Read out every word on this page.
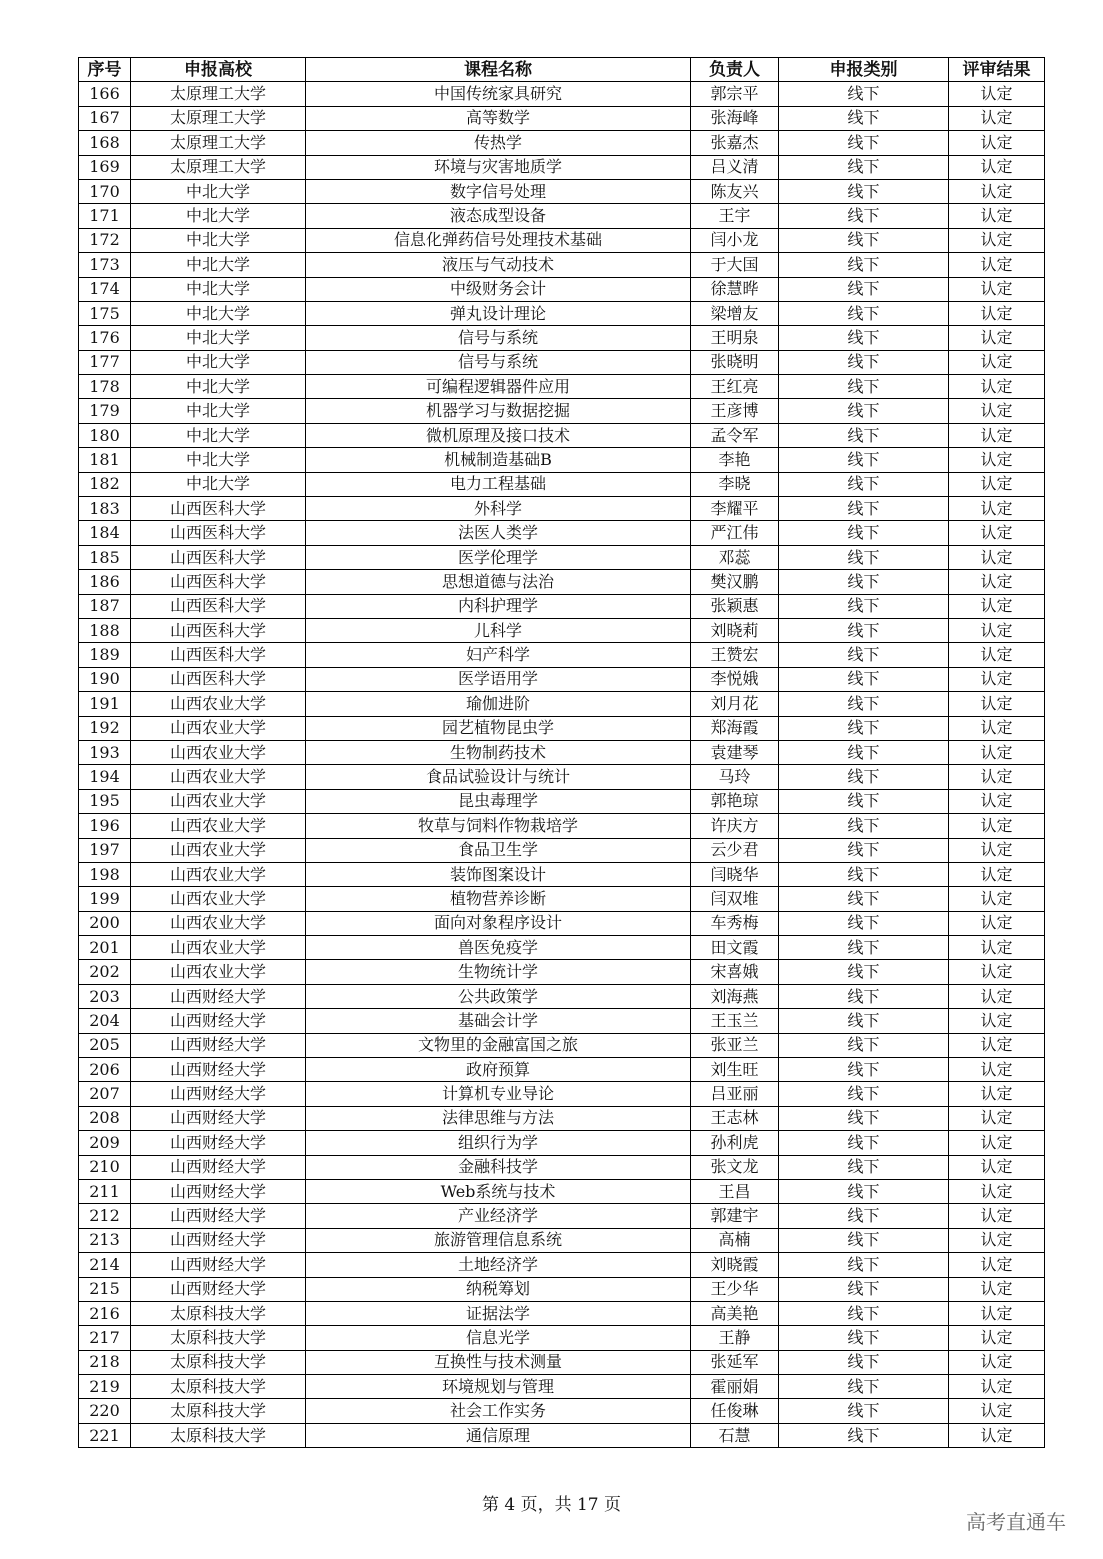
序号	申报高校	课程名称	负责人	申报类别	评审结果
166	太原理工大学	中国传统家具研究	郭宗平	线下	认定
167	太原理工大学	高等数学	张海峰	线下	认定
168	太原理工大学	传热学	张嘉杰	线下	认定
169	太原理工大学	环境与灾害地质学	吕义清	线下	认定
170	中北大学	数字信号处理	陈友兴	线下	认定
171	中北大学	液态成型设备	王宇	线下	认定
172	中北大学	信息化弹药信号处理技术基础	闫小龙	线下	认定
173	中北大学	液压与气动技术	于大国	线下	认定
174	中北大学	中级财务会计	徐慧晔	线下	认定
175	中北大学	弹丸设计理论	梁增友	线下	认定
176	中北大学	信号与系统	王明泉	线下	认定
177	中北大学	信号与系统	张晓明	线下	认定
178	中北大学	可编程逻辑器件应用	王红亮	线下	认定
179	中北大学	机器学习与数据挖掘	王彦博	线下	认定
180	中北大学	微机原理及接口技术	孟令军	线下	认定
181	中北大学	机械制造基础B	李艳	线下	认定
182	中北大学	电力工程基础	李晓	线下	认定
183	山西医科大学	外科学	李耀平	线下	认定
184	山西医科大学	法医人类学	严江伟	线下	认定
185	山西医科大学	医学伦理学	邓蕊	线下	认定
186	山西医科大学	思想道德与法治	樊汉鹏	线下	认定
187	山西医科大学	内科护理学	张颖惠	线下	认定
188	山西医科大学	儿科学	刘晓莉	线下	认定
189	山西医科大学	妇产科学	王赞宏	线下	认定
190	山西医科大学	医学语用学	李悦娥	线下	认定
191	山西农业大学	瑜伽进阶	刘月花	线下	认定
192	山西农业大学	园艺植物昆虫学	郑海霞	线下	认定
193	山西农业大学	生物制药技术	袁建琴	线下	认定
194	山西农业大学	食品试验设计与统计	马玲	线下	认定
195	山西农业大学	昆虫毒理学	郭艳琼	线下	认定
196	山西农业大学	牧草与饲料作物栽培学	许庆方	线下	认定
197	山西农业大学	食品卫生学	云少君	线下	认定
198	山西农业大学	装饰图案设计	闫晓华	线下	认定
199	山西农业大学	植物营养诊断	闫双堆	线下	认定
200	山西农业大学	面向对象程序设计	车秀梅	线下	认定
201	山西农业大学	兽医免疫学	田文霞	线下	认定
202	山西农业大学	生物统计学	宋喜娥	线下	认定
203	山西财经大学	公共政策学	刘海燕	线下	认定
204	山西财经大学	基础会计学	王玉兰	线下	认定
205	山西财经大学	文物里的金融富国之旅	张亚兰	线下	认定
206	山西财经大学	政府预算	刘生旺	线下	认定
207	山西财经大学	计算机专业导论	吕亚丽	线下	认定
208	山西财经大学	法律思维与方法	王志林	线下	认定
209	山西财经大学	组织行为学	孙利虎	线下	认定
210	山西财经大学	金融科技学	张文龙	线下	认定
211	山西财经大学	Web系统与技术	王昌	线下	认定
212	山西财经大学	产业经济学	郭建宇	线下	认定
213	山西财经大学	旅游管理信息系统	高楠	线下	认定
214	山西财经大学	土地经济学	刘晓霞	线下	认定
215	山西财经大学	纳税筹划	王少华	线下	认定
216	太原科技大学	证据法学	高美艳	线下	认定
217	太原科技大学	信息光学	王静	线下	认定
218	太原科技大学	互换性与技术测量	张延军	线下	认定
219	太原科技大学	环境规划与管理	霍丽娟	线下	认定
220	太原科技大学	社会工作实务	任俊琳	线下	认定
221	太原科技大学	通信原理	石慧	线下	认定
第 4 页，共 17 页
高考直通车
